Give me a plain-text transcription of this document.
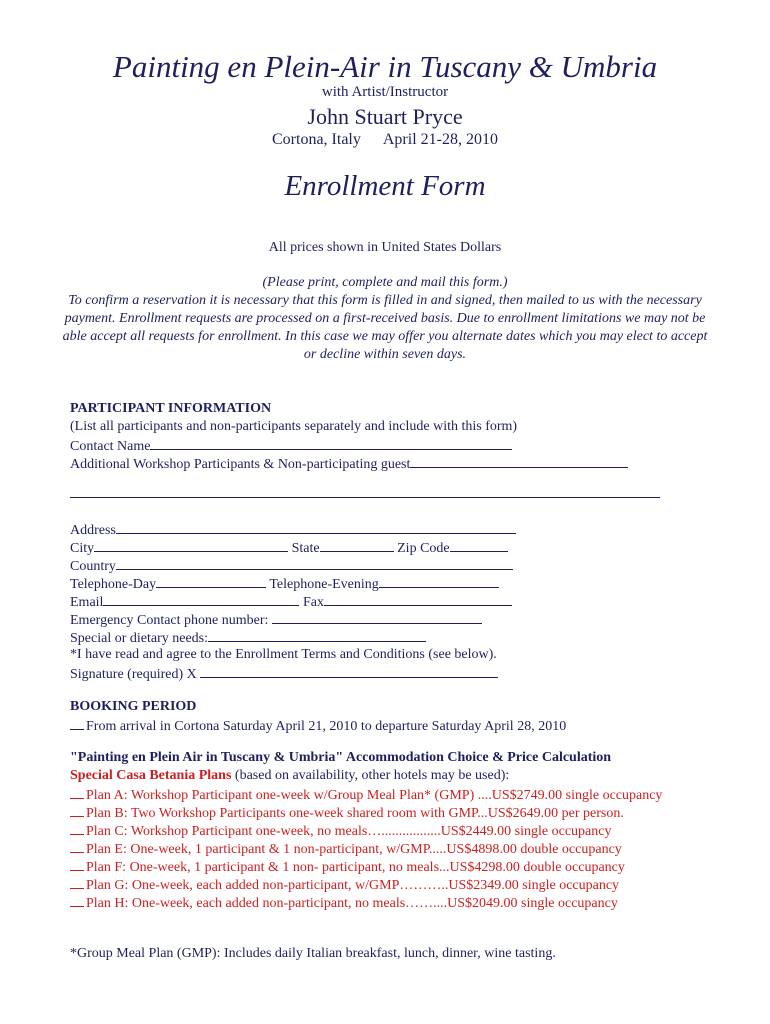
Painting en Plein-Air in Tuscany & Umbria
with Artist/Instructor
John Stuart Pryce
Cortona, Italy April 21-28, 2010
Enrollment Form
All prices shown in United States Dollars

(Please print, complete and mail this form.)

To confirm a reservation it is necessary that this form is filled in and signed, then mailed to us with the necessary payment. Enrollment requests are processed on a first-received basis. Due to enrollment limitations we may not be able accept all requests for enrollment. In this case we may offer you alternate dates which you may elect to accept or decline within seven days.

PARTICIPANT INFORMATION
(List all participants and non-participants separately and include with this form)
Contact Name
Additional Workshop Participants & Non-participating guest
Address
City	State	Zip Code
Country
Telephone-Day	Telephone-Evening
Email	Fax
Emergency Contact phone number:
Special or dietary needs:
*I have read and agree to the Enrollment Terms and Conditions (see below).
Signature (required) X
BOOKING PERIOD
From arrival in Cortona Saturday April 21, 2010 to departure Saturday April 28, 2010
"Painting en Plein Air in Tuscany & Umbria" Accommodation Choice & Price Calculation
Special Casa Betania Plans (based on availability, other hotels may be used):
Plan A: Workshop Participant one-week w/Group Meal Plan* (GMP) ....US$2749.00 single occupancy
Plan B: Two Workshop Participants one-week shared room with GMP...US$2649.00 per person.
Plan C: Workshop Participant one-week, no meals….................US$2449.00 single occupancy
Plan E: One-week, 1 participant & 1 non-participant, w/GMP.....US$4898.00 double occupancy
Plan F: One-week, 1 participant & 1 non- participant, no meals...US$4298.00 double occupancy
Plan G: One-week, each added non-participant, w/GMP………..US$2349.00 single occupancy
Plan H: One-week, each added non-participant, no meals……....US$2049.00 single occupancy
*Group Meal Plan (GMP): Includes daily Italian breakfast, lunch, dinner, wine tasting.
